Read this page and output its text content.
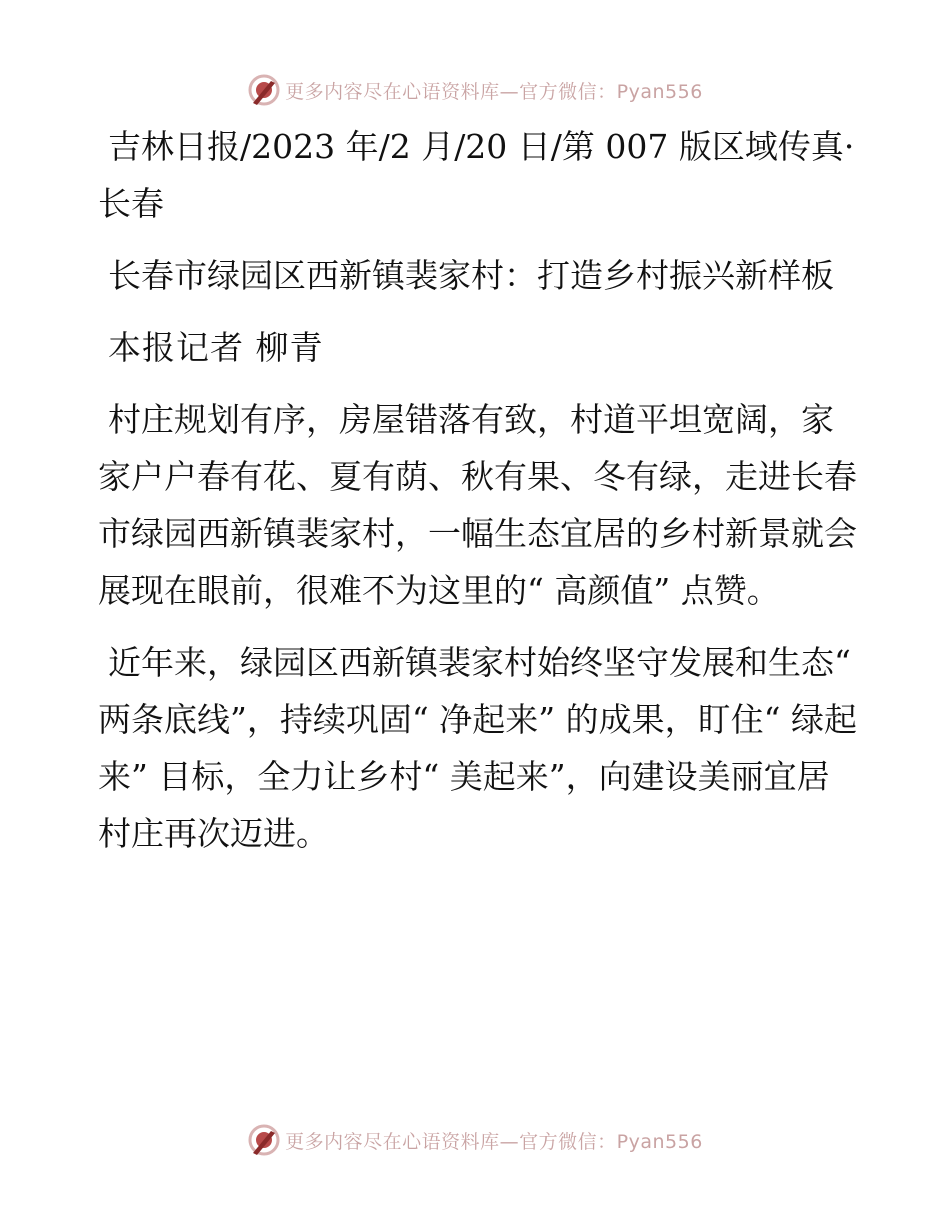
更多内容尽在心语资料库—官方微信：Pyan556

吉林日报/2023 年/2 月/20 日/第 007 版区域传真· 长春

长春市绿园区西新镇裴家村：打造乡村振兴新样板

本报记者 柳青

村庄规划有序，房屋错落有致，村道平坦宽阔，家家户户春有花、夏有荫、秋有果、冬有绿，走进长春市绿园西新镇裴家村，一幅生态宜居的乡村新景就会展现在眼前，很难不为这里的“ 高颜值” 点赞。

近年来，绿园区西新镇裴家村始终坚守发展和生态“ 两条底线”，持续巩固“ 净起来” 的成果，盯住“ 绿起来” 目标，全力让乡村“ 美起来”，向建设美丽宜居村庄再次迈进。

更多内容尽在心语资料库—官方微信：Pyan556
